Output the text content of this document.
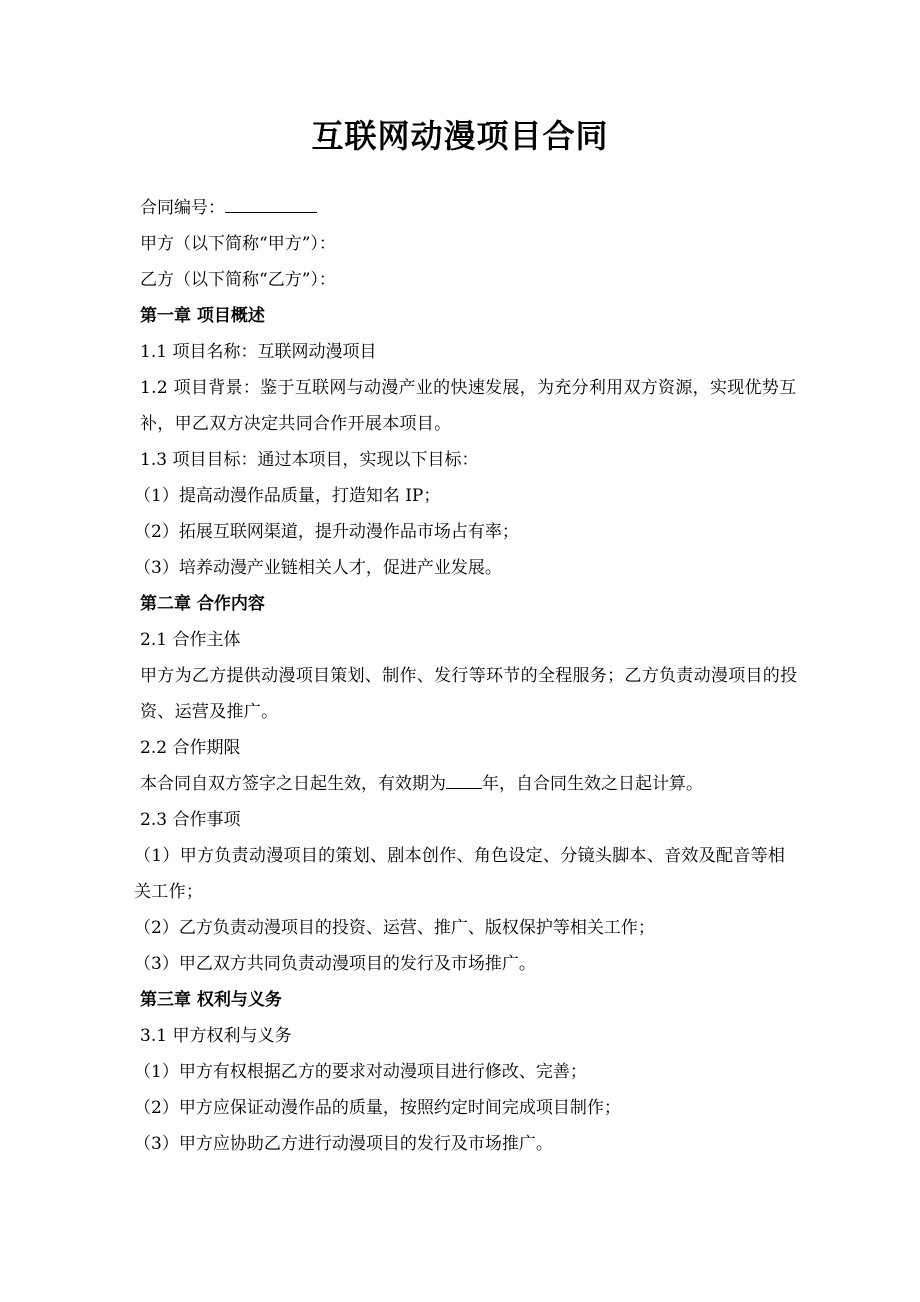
互联网动漫项目合同
合同编号：
甲方（以下简称“甲方”）：
乙方（以下简称“乙方”）：
第一章 项目概述
1.1 项目名称：互联网动漫项目
1.2 项目背景：鉴于互联网与动漫产业的快速发展，为充分利用双方资源，实现优势互补，甲乙双方决定共同合作开展本项目。
1.3 项目目标：通过本项目，实现以下目标：
（1）提高动漫作品质量，打造知名 IP；
（2）拓展互联网渠道，提升动漫作品市场占有率；
（3）培养动漫产业链相关人才，促进产业发展。
第二章 合作内容
2.1 合作主体
甲方为乙方提供动漫项目策划、制作、发行等环节的全程服务；乙方负责动漫项目的投资、运营及推广。
2.2 合作期限
本合同自双方签字之日起生效，有效期为 年，自合同生效之日起计算。
2.3 合作事项
（1）甲方负责动漫项目的策划、剧本创作、角色设定、分镜头脚本、音效及配音等相关工作；
（2）乙方负责动漫项目的投资、运营、推广、版权保护等相关工作；
（3）甲乙双方共同负责动漫项目的发行及市场推广。
第三章 权利与义务
3.1 甲方权利与义务
（1）甲方有权根据乙方的要求对动漫项目进行修改、完善；
（2）甲方应保证动漫作品的质量，按照约定时间完成项目制作；
（3）甲方应协助乙方进行动漫项目的发行及市场推广。
